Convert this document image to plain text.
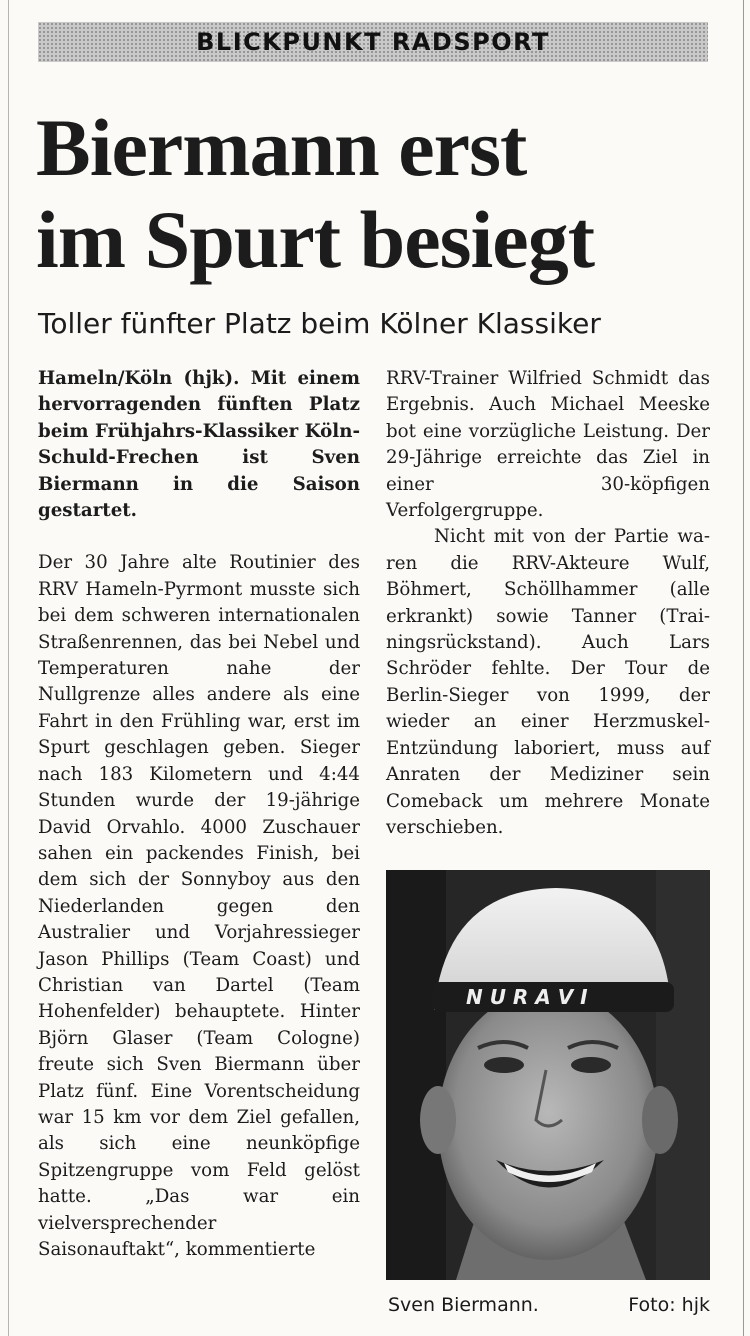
BLICKPUNKT RADSPORT
Biermann erst
im Spurt besiegt
Toller fünfter Platz beim Kölner Klassiker

Hameln/Köln (hjk). Mit einem hervorragenden fünften Platz beim Frühjahrs-Klassiker Köln-Schuld-Frechen ist Sven Biermann in die Saison gestartet.

Der 30 Jahre alte Routinier des RRV Hameln-Pyrmont musste sich bei dem schweren internationalen Straßenrennen, das bei Nebel und Temperaturen nahe der Nullgrenze alles andere als eine Fahrt in den Frühling war, erst im Spurt geschlagen geben. Sieger nach 183 Kilometern und 4:44 Stunden wurde der 19-jährige David Orvahlo. 4000 Zuschauer sahen ein packendes Finish, bei dem sich der Sonnyboy aus den Niederlanden gegen den Australier und Vorjahressieger Jason Phillips (Team Coast) und Christian van Dartel (Team Hohenfelder) behauptete. Hinter Björn Glaser (Team Cologne) freute sich Sven Biermann über Platz fünf. Eine Vorentscheidung war 15 km vor dem Ziel gefallen, als sich eine neunköpfige Spitzengruppe vom Feld gelöst hatte. „Das war ein vielversprechender Saisonauftakt“, kommentierte

RRV-Trainer Wilfried Schmidt das Ergebnis. Auch Michael Meeske bot eine vorzügliche Leistung. Der 29-Jährige erreichte das Ziel in einer 30-köpfigen Verfolgergruppe.

Nicht mit von der Partie waren die RRV-Akteure Wulf, Böhmert, Schöllhammer (alle erkrankt) sowie Tanner (Trainingsrückstand). Auch Lars Schröder fehlte. Der Tour de Berlin-Sieger von 1999, der wieder an einer Herzmuskel-Entzündung laboriert, muss auf Anraten der Mediziner sein Comeback um mehrere Monate verschieben.

N U R A V I
Sven Biermann.	Foto: hjk
